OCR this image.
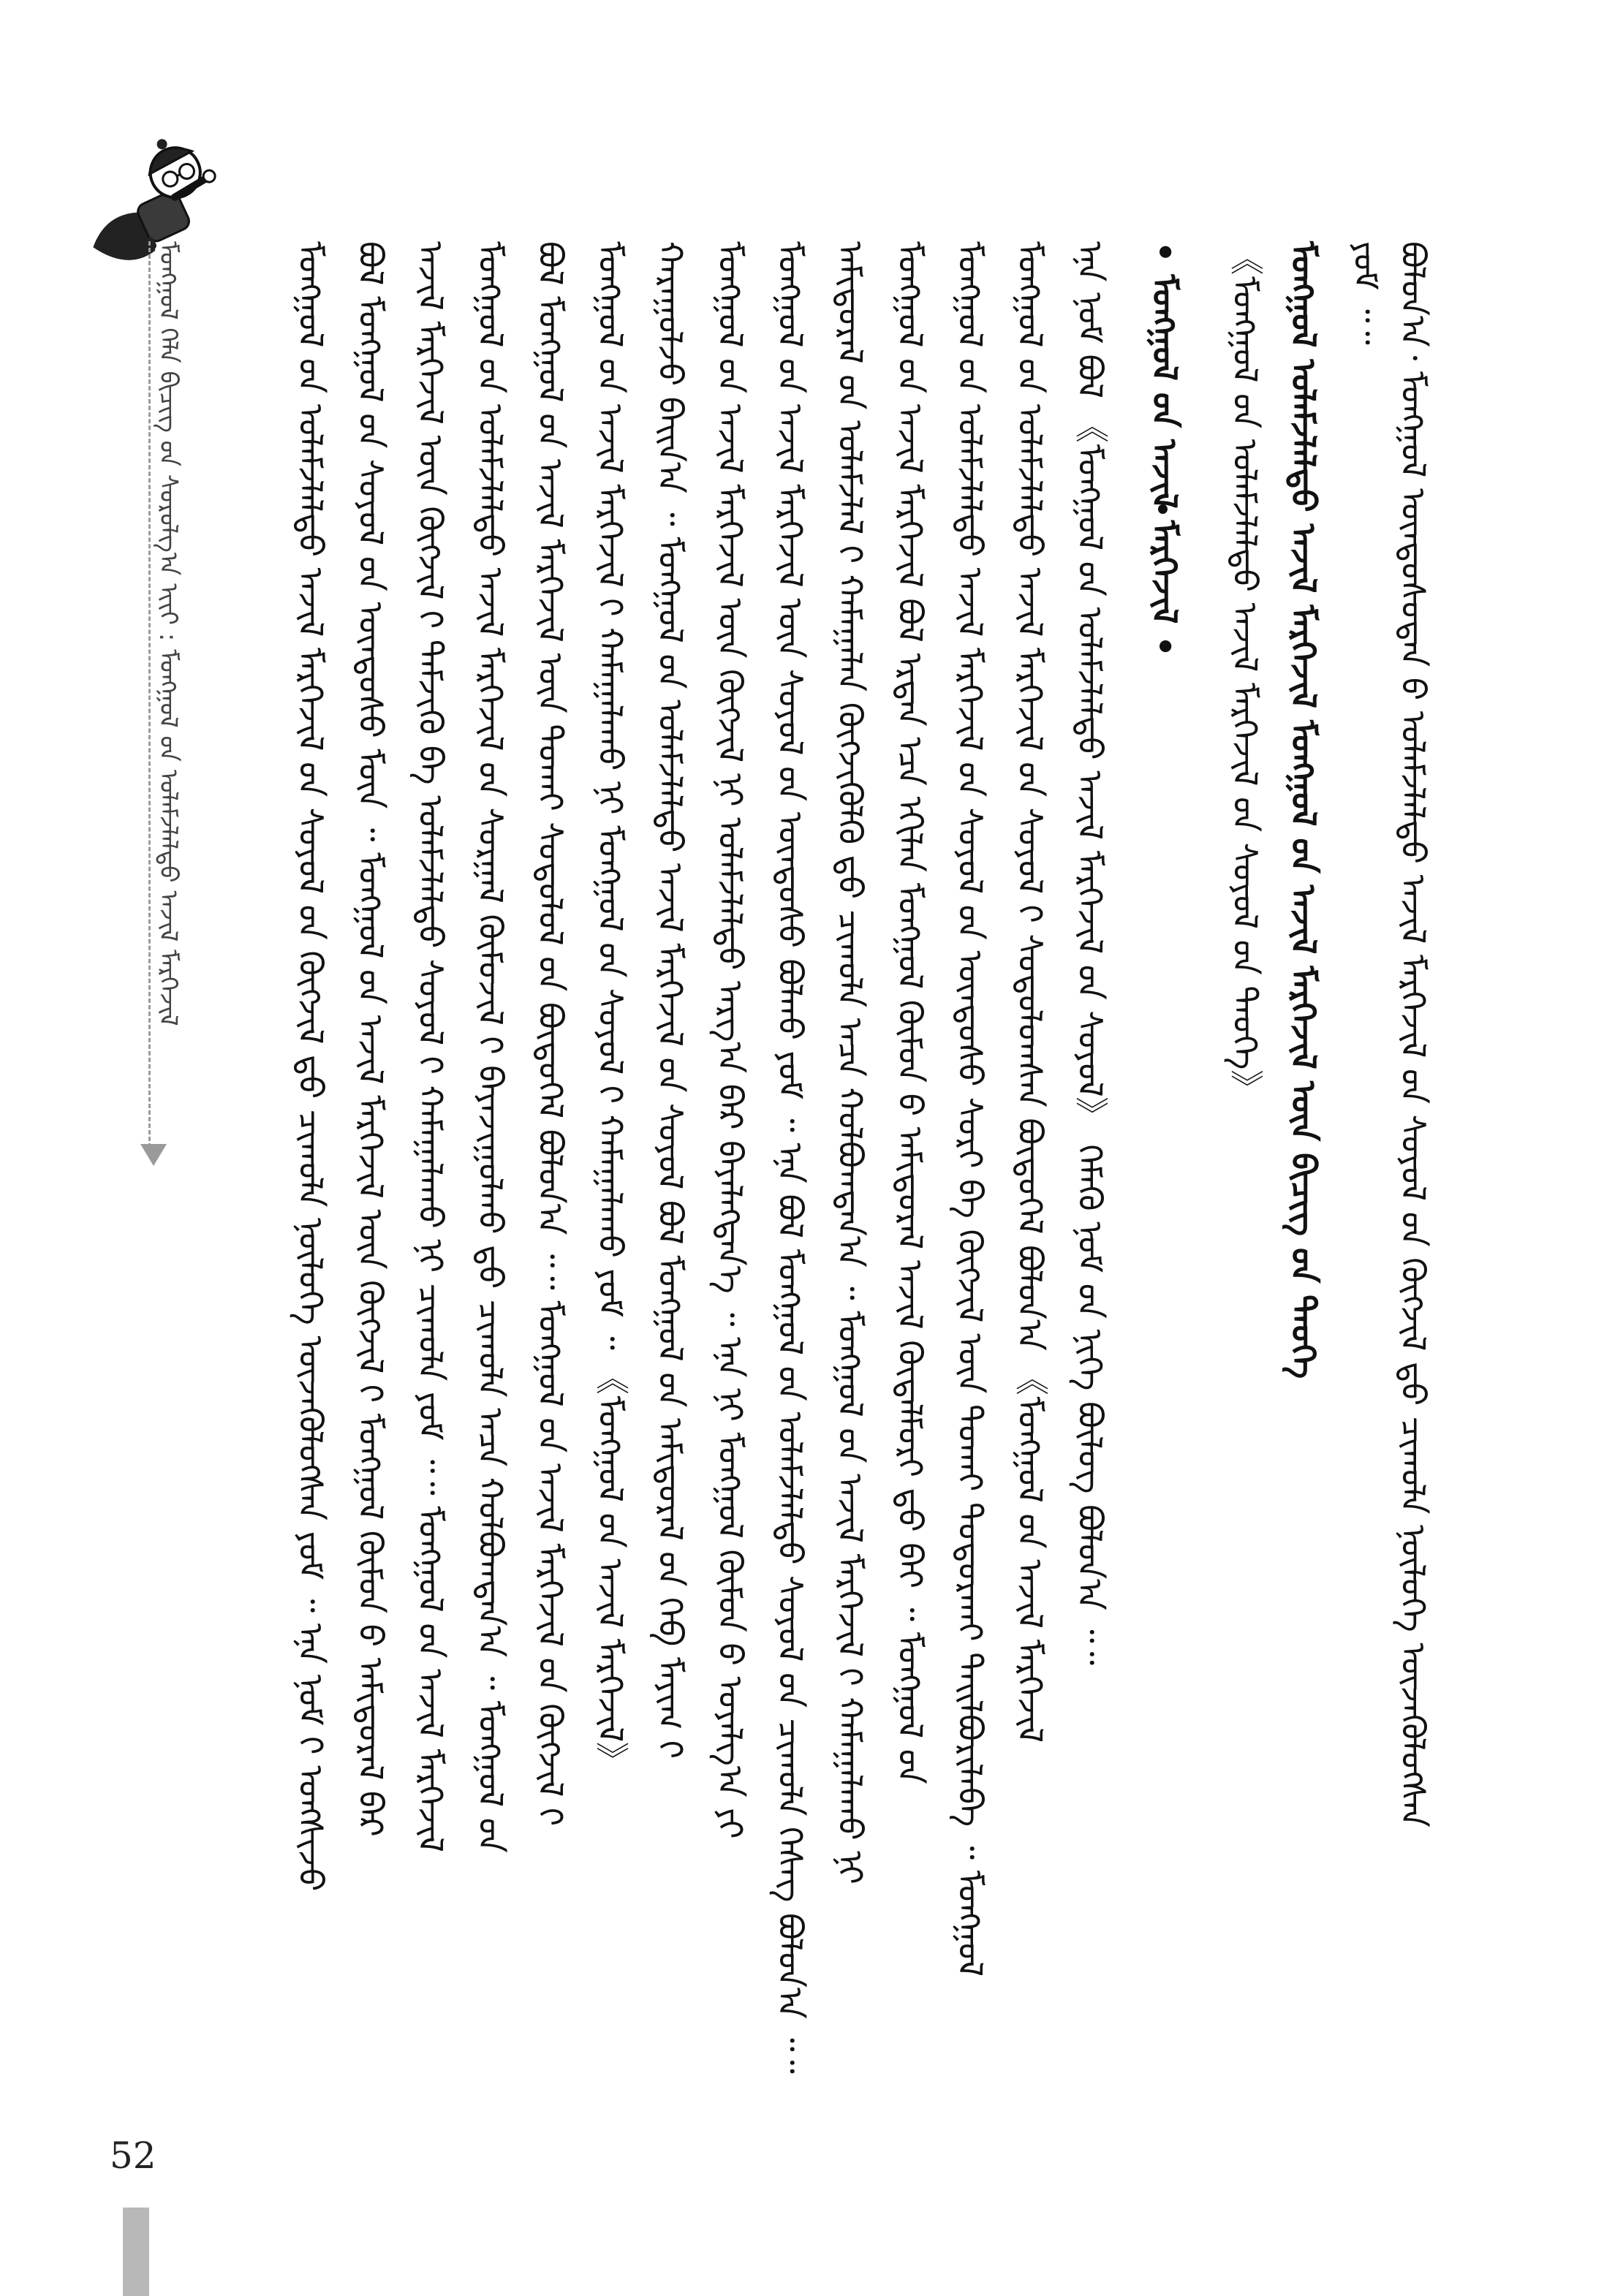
ᠮᠣᠩᠭᠣᠯ ᠬᠡᠯᠡ ᠪᠢᠴᠢᠭ ᠤ᠋ᠨ ᠰᠤᠷᠤᠯᠭ᠎ᠠ ᠢᠢᠢ : ᠮᠣᠩᠭᠣᠯ ᠤ᠋ᠨ ᠤᠯᠠᠮᠵᠯᠠᠯᠲᠤ ᠠᠵᠢᠯ ᠮᠡᠷᠭᠡᠵᠢᠯ	ᠮᠣᠩᠭᠣᠯ ᠤ᠋ᠨ ᠤᠯᠠᠮᠵᠯᠠᠯᠲᠤ ᠠᠵᠢᠯ ᠮᠡᠷᠭᠡᠵᠢᠯ ᠤ᠋ᠨ ᠰᠣᠶᠣᠯ ᠤ᠋ᠨ ᠬᠥᠭᠵᠢᠯ ᠳ᠋ᠦ ᠴᠢᠬᠤᠯᠠ ᠨᠥᠯᠦᠭᠡ ᠦᠵᠡᠭᠦᠯᠦᠭᠰᠡᠨ ᠶᠤᠮ ᠃ ᠡᠨᠡ ᠨᠣᠮ ᠢ᠋ ᠤᠩᠰᠢᠵᠤ ᠪᠣᠯ ᠮᠣᠩᠭᠣᠯ ᠤ᠋ᠨ ᠰᠣᠶᠣᠯ ᠤ᠋ᠨ ᠦᠨᠳᠦᠰᠦ ᠮᠥᠨ ᠃ ᠮᠣᠩᠭᠣᠯ ᠤ᠋ᠨ ᠠᠵᠢᠯ ᠮᠡᠷᠭᠡᠵᠢᠯ ᠦᠨ ᠬᠥᠭᠵᠢᠯ ᠢ᠋ ᠮᠣᠩᠭᠣᠯ ᠬᠦᠮᠦᠨ ᠦ᠌ ᠠᠮᠢᠳᠤᠷᠠᠯ ᠪᠡᠷ ᠠᠵᠢᠯ ᠮᠡᠷᠭᠡᠵᠢᠯ ᠦᠨ ᠬᠥᠭᠵᠢᠯ ᠢ᠋ ᠳᠡᠮᠵᠢᠬᠦ ᠪᠠ ᠤᠯᠠᠮᠵᠯᠠᠯᠲᠤ ᠰᠣᠶᠣᠯ ᠢ᠋ ᠬᠠᠮᠠᠭᠠᠯᠠᠬᠤ ᠨᠢ ᠴᠢᠬᠤᠯᠠ ᠶᠤᠮ ᠃᠃ ᠮᠣᠩᠭᠣᠯ ᠤ᠋ᠨ ᠠᠵᠢᠯ ᠮᠡᠷᠭᠡᠵᠢᠯ ᠮᠣᠩᠭᠣᠯ ᠤ᠋ᠨ ᠤᠯᠠᠮᠵᠯᠠᠯᠲᠤ ᠠᠵᠢᠯ ᠮᠡᠷᠭᠡᠵᠢᠯ ᠤ᠋ᠨ ᠰᠤᠷᠭᠠᠯ ᠬᠥᠮᠦᠵᠢᠯ ᠢ᠋ ᠪᠠᠶᠠᠵᠢᠭᠤᠯᠬᠤ ᠳ᠋ᠦ ᠴᠢᠬᠤᠯᠠ ᠠᠴᠠ ᠬᠣᠯᠪᠣᠭᠳᠠᠨ᠎ᠠ ᠃ ᠮᠣᠩᠭᠣᠯ ᠤ᠋ᠨ ᠪᠣᠯ ᠮᠣᠩᠭᠣᠯ ᠤ᠋ᠨ ᠠᠵᠢᠯ ᠮᠡᠷᠭᠡᠵᠢᠯ ᠦᠨ ᠲᠤᠬᠠᠢ ᠰᠤᠳᠤᠯᠤᠯ ᠤ᠋ᠨ ᠪᠦᠲᠦᠭᠡᠯ ᠪᠣᠯᠤᠨ᠎ᠠ ᠃᠃ ᠮᠣᠩᠭᠣᠯ ᠤ᠋ᠨ ᠠᠵᠢᠯ ᠮᠡᠷᠭᠡᠵᠢᠯ ᠤ᠋ᠨ ᠬᠥᠭᠵᠢᠯ ᠢ᠋ ᠮᠣᠩᠭᠣᠯ ᠤ᠋ᠨ ᠠᠵᠢᠯ ᠮᠡᠷᠭᠡᠵᠢᠯ ᠢ᠋ ᠬᠠᠮᠠᠭᠠᠯᠠᠬᠤ ᠨᠢ ᠮᠣᠩᠭᠣᠯ ᠤ᠋ᠨ ᠰᠣᠶᠣᠯ ᠢ᠋ ᠬᠠᠮᠠᠭᠠᠯᠠᠬᠤ ᠶᠤᠮ ᠃ 《ᠮᠣᠩᠭᠣᠯ ᠤ᠋ᠨ ᠠᠵᠢᠯ ᠮᠡᠷᠭᠡᠵᠢᠯ》 ᠬᠠᠷᠠᠭᠤᠯᠵᠤ ᠪᠠᠢᠨ᠎ᠠ ᠃ ᠮᠣᠩᠭᠣᠯ ᠤ᠋ᠨ ᠤᠯᠠᠮᠵᠯᠠᠯᠲᠤ ᠠᠵᠢᠯ ᠮᠡᠷᠭᠡᠵᠢᠯ ᠤ᠋ᠨ ᠰᠣᠶᠣᠯ ᠪᠣᠯ ᠮᠣᠩᠭᠣᠯ ᠤ᠋ᠨ ᠠᠮᠢᠳᠤᠷᠠᠯ ᠤ᠋ᠨ ᠬᠡᠪ ᠮᠠᠶᠢᠭ ᠢ᠋ ᠮᠣᠩᠭᠣᠯ ᠤ᠋ᠨ ᠠᠵᠢᠯ ᠮᠡᠷᠭᠡᠵᠢᠯ ᠦᠨ ᠬᠥᠭᠵᠢᠯ ᠨᠢ ᠤᠯᠠᠮᠵᠯᠠᠯᠲᠤ ᠠᠷᠭ᠎ᠠ ᠪᠠᠷ ᠪᠡᠶᠡᠯᠡᠭᠳᠡᠨ᠎ᠡ ᠃ ᠡᠨᠡ ᠨᠢ ᠮᠣᠩᠭᠣᠯ ᠬᠦᠮᠦᠨ ᠦ᠌ ᠤᠶᠠᠯᠭ᠎ᠠ ᠶᠢ ᠮᠣᠩᠭᠣᠯ ᠤ᠋ᠨ ᠠᠵᠢᠯ ᠮᠡᠷᠭᠡᠵᠢᠯ ᠦᠨ ᠰᠣᠶᠣᠯ ᠤ᠋ᠨ ᠦᠨᠳᠦᠰᠦ ᠪᠣᠯᠬᠤ ᠶᠤᠮ ᠃ ᠡᠨᠡ ᠪᠣᠯ ᠮᠣᠩᠭᠣᠯ ᠤ᠋ᠨ ᠤᠯᠠᠮᠵᠯᠠᠯᠲᠤ ᠰᠣᠶᠣᠯ ᠤ᠋ᠨ ᠴᠢᠬᠤᠯᠠ ᠬᠡᠰᠡᠭ ᠪᠣᠯᠤᠨ᠎ᠠ ᠃᠃ ᠠᠮᠢᠳᠤᠷᠠᠯ ᠤ᠋ᠨ ᠤᠯᠠᠮᠵᠯᠠᠯ ᠢ᠋ ᠬᠠᠮᠠᠭᠠᠯᠠᠨ ᠬᠥᠭᠵᠢᠭᠦᠯᠬᠦ ᠳ᠋ᠦ ᠴᠢᠬᠤᠯᠠ ᠠᠴᠠ ᠬᠣᠯᠪᠣᠭᠳᠠᠨ᠎ᠠ ᠃ ᠮᠣᠩᠭᠣᠯ ᠤ᠋ᠨ ᠠᠵᠢᠯ ᠮᠡᠷᠭᠡᠵᠢᠯ ᠢ᠋ ᠬᠠᠮᠠᠭᠠᠯᠠᠬᠤ ᠨᠢ ᠮᠣᠩᠭᠣᠯ ᠤ᠋ᠨ ᠠᠵᠢᠯ ᠮᠡᠷᠭᠡᠵᠢᠯ ᠪᠣᠯ ᠡᠷᠲᠡᠨ ᠡᠴᠡ ᠡᠬᠢᠯᠡᠨ ᠮᠣᠩᠭᠣᠯ ᠬᠦᠮᠦᠨ ᠦ᠌ ᠠᠮᠢᠳᠤᠷᠠᠯ ᠠᠵᠢᠯ ᠬᠥᠳᠡᠯᠮᠦᠷᠢ ᠳ᠋ᠦ ᠪᠠᠢ ᠃ ᠮᠣᠩᠭᠣᠯ ᠤ᠋ᠨ ᠮᠣᠩᠭᠣᠯ ᠤ᠋ᠨ ᠤᠯᠠᠮᠵᠯᠠᠯᠲᠤ ᠠᠵᠢᠯ ᠮᠡᠷᠭᠡᠵᠢᠯ ᠤ᠋ᠨ ᠰᠣᠶᠣᠯ ᠤ᠋ᠨ ᠦᠨᠳᠦᠰᠦ ᠰᠤᠷᠢ ᠪᠠ ᠬᠥᠭᠵᠢᠯ ᠦᠨ ᠲᠤᠬᠠᠢ ᠲᠣᠳᠣᠷᠬᠠᠢ ᠲᠠᠢᠯᠪᠤᠷᠢᠯᠠᠪᠠ ᠃ ᠮᠣᠩᠭᠣᠯ ᠮᠣᠩᠭᠣᠯ ᠤ᠋ᠨ ᠤᠯᠠᠮᠵᠯᠠᠯᠲᠤ ᠠᠵᠢᠯ ᠮᠡᠷᠭᠡᠵᠢᠯ ᠤ᠋ᠨ ᠰᠣᠶᠣᠯ ᠢ᠋ ᠰᠤᠳᠤᠯᠤᠭᠰᠠᠨ ᠪᠦᠲᠦᠭᠡᠯ ᠪᠣᠯᠤᠨ᠎ᠠ 《ᠮᠣᠩᠭᠣᠯ ᠤ᠋ᠨ ᠠᠵᠢᠯ ᠮᠡᠷᠭᠡᠵᠢᠯ ᠡᠨᠡ ᠨᠣᠮ ᠪᠣᠯ 《ᠮᠣᠩᠭᠣᠯ ᠤ᠋ᠨ ᠤᠯᠠᠮᠵᠯᠠᠯᠲᠤ ᠠᠵᠢᠯ ᠮᠡᠷᠭᠡᠵᠢᠯ ᠤ᠋ᠨ ᠰᠣᠶᠣᠯ》 ᠬᠡᠮᠡᠬᠦ ᠨᠣᠮ ᠤ᠋ᠨ ᠨᠢᠭᠡ ᠪᠦᠯᠦᠭ ᠪᠣᠯᠤᠨ᠎ᠠ ᠃᠃ • ᠮᠣᠩᠭᠣᠯ ᠤ᠋ᠨ ᠠᠵᠢᠯ ᠮᠡᠷᠭᠡᠵᠢᠯ • 《ᠮᠣᠩᠭᠣᠯ ᠤ᠋ᠨ ᠤᠯᠠᠮᠵᠯᠠᠯᠲᠤ ᠠᠵᠢᠯ ᠮᠡᠷᠭᠡᠵᠢᠯ ᠤ᠋ᠨ ᠰᠣᠶᠣᠯ ᠤ᠋ᠨ ᠲᠡᠦᠬᠡ》 ᠮᠣᠩᠭᠣᠯ ᠤᠯᠠᠮᠵᠯᠠᠯᠲᠤ ᠠᠵᠢᠯ ᠮᠡᠷᠭᠡᠵᠢᠯ ᠮᠣᠩᠭᠣᠯ ᠤ᠋ᠨ ᠠᠵᠢᠯ ᠮᠡᠷᠭᠡᠵᠢᠯ ᠦᠨ ᠪᠢᠴᠢᠭ ᠤ᠋ᠨ ᠲᠡᠦᠬᠡ ᠶᠤᠮ ᠃᠃ ᠪᠣᠯᠤᠨ᠎ᠠ᠂ ᠮᠣᠩᠭᠣᠯ ᠦᠨᠳᠦᠰᠦᠲᠡᠨ ᠤ᠋ ᠤᠯᠠᠮᠵᠯᠠᠯᠲᠤ ᠠᠵᠢᠯ ᠮᠡᠷᠭᠡᠵᠢᠯ ᠤ᠋ᠨ ᠰᠣᠶᠣᠯ ᠤ᠋ᠨ ᠬᠥᠭᠵᠢᠯ ᠳ᠋ᠦ ᠴᠢᠬᠤᠯᠠ ᠨᠥᠯᠦᠭᠡ ᠦᠵᠡᠭᠦᠯᠦᠭᠰᠡᠨ
52
